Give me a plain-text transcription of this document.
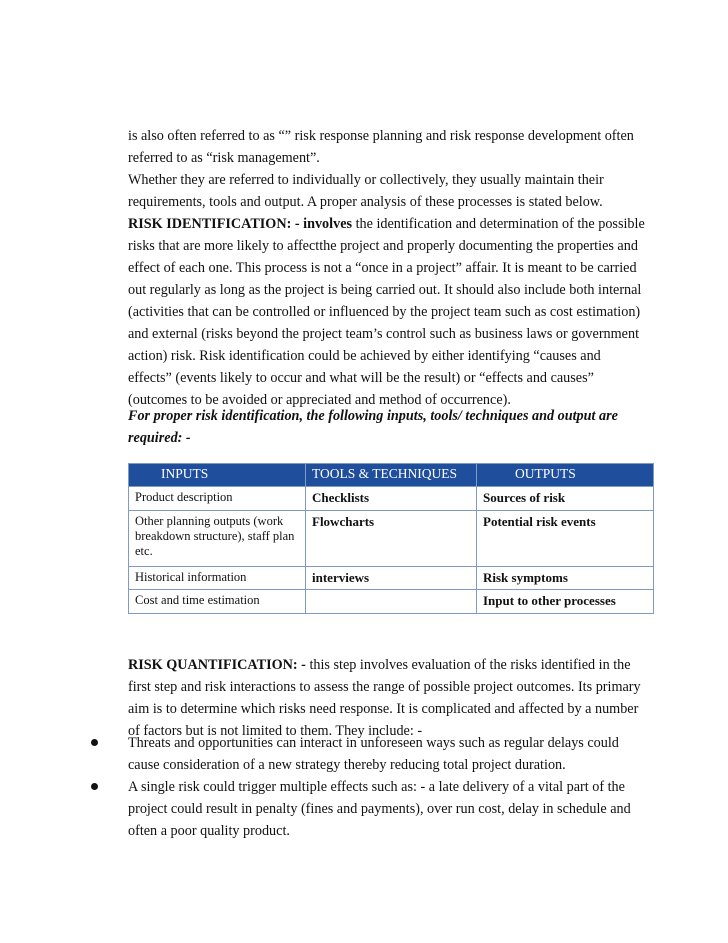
is also often referred to as “” risk response planning and risk response development often referred to as “risk management”.

Whether they are referred to individually or collectively, they usually maintain their requirements, tools and output. A proper analysis of these processes is stated below.

RISK IDENTIFICATION: - involves the identification and determination of the possible risks that are more likely to affectthe project and properly documenting the properties and effect of each one. This process is not a “once in a project” affair. It is meant to be carried out regularly as long as the project is being carried out. It should also include both internal (activities that can be controlled or influenced by the project team such as cost estimation) and external (risks beyond the project team’s control such as business laws or government action) risk. Risk identification could be achieved by either identifying “causes and effects” (events likely to occur and what will be the result) or “effects and causes” (outcomes to be avoided or appreciated and method of occurrence).

For proper risk identification, the following inputs, tools/ techniques and output are required: -

INPUTS	TOOLS & TECHNIQUES	OUTPUTS
Product description	Checklists	Sources of risk
Other planning outputs (work breakdown structure), staff plan etc.	Flowcharts	Potential risk events
Historical information	interviews	Risk symptoms
Cost and time estimation		Input to other processes

RISK QUANTIFICATION: - this step involves evaluation of the risks identified in the first step and risk interactions to assess the range of possible project outcomes. Its primary aim is to determine which risks need response. It is complicated and affected by a number of factors but is not limited to them. They include: -

Threats and opportunities can interact in unforeseen ways such as regular delays could cause consideration of a new strategy thereby reducing total project duration.
A single risk could trigger multiple effects such as: - a late delivery of a vital part of the project could result in penalty (fines and payments), over run cost, delay in schedule and often a poor quality product.
